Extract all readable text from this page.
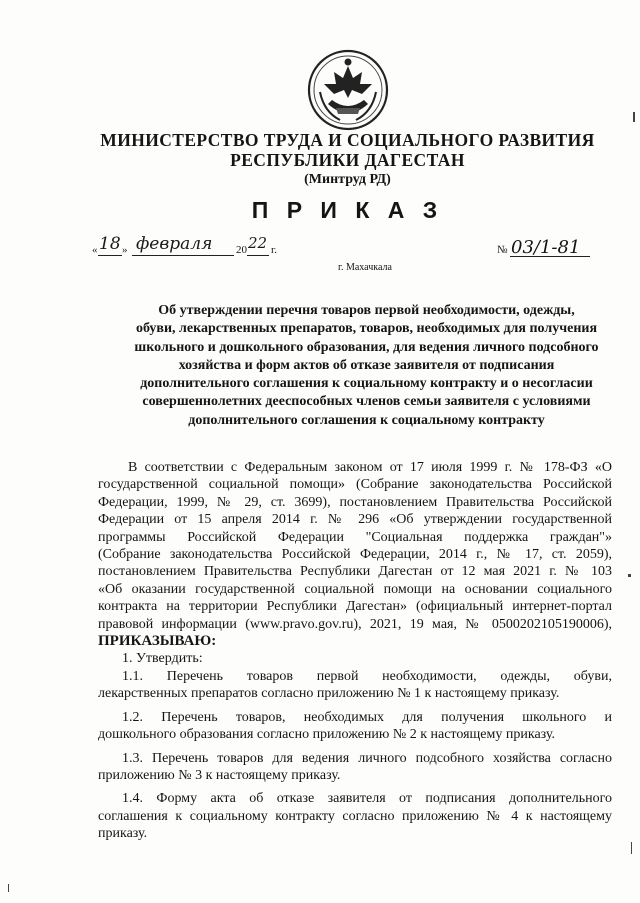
МИНИСТЕРСТВО ТРУДА И СОЦИАЛЬНОГО РАЗВИТИЯ
РЕСПУБЛИКИ ДАГЕСТАН
(Минтруд РД)
П Р И К А З
« 18 » февраля 20 22 г.	№ 03/1-81
г. Махачкала
Об утверждении перечня товаров первой необходимости, одежды,
обуви, лекарственных препаратов, товаров, необходимых для получения
школьного и дошкольного образования, для ведения личного подсобного
хозяйства и форм актов об отказе заявителя от подписания
дополнительного соглашения к социальному контракту и о несогласии
совершеннолетних дееспособных членов семьи заявителя с условиями
дополнительного соглашения к социальному контракту
В соответствии с Федеральным законом от 17 июля 1999 г. № 178-ФЗ «О
государственной социальной помощи» (Собрание законодательства Российской
Федерации, 1999, № 29, ст. 3699), постановлением Правительства Российской
Федерации от 15 апреля 2014 г. № 296 «Об утверждении государственной
программы Российской Федерации "Социальная поддержка граждан"»
(Собрание законодательства Российской Федерации, 2014 г., № 17, ст. 2059),
постановлением Правительства Республики Дагестан от 12 мая 2021 г. № 103
«Об оказании государственной социальной помощи на основании социального
контракта на территории Республики Дагестан» (официальный интернет-портал
правовой информации (www.pravo.gov.ru), 2021, 19 мая, № 0500202105190006),
ПРИКАЗЫВАЮ:
1. Утвердить:
1.1. Перечень товаров первой необходимости, одежды, обуви,
лекарственных препаратов согласно приложению № 1 к настоящему приказу.
1.2. Перечень товаров, необходимых для получения школьного и
дошкольного образования согласно приложению № 2 к настоящему приказу.
1.3. Перечень товаров для ведения личного подсобного хозяйства согласно
приложению № 3 к настоящему приказу.
1.4. Форму акта об отказе заявителя от подписания дополнительного
соглашения к социальному контракту согласно приложению № 4 к настоящему
приказу.
